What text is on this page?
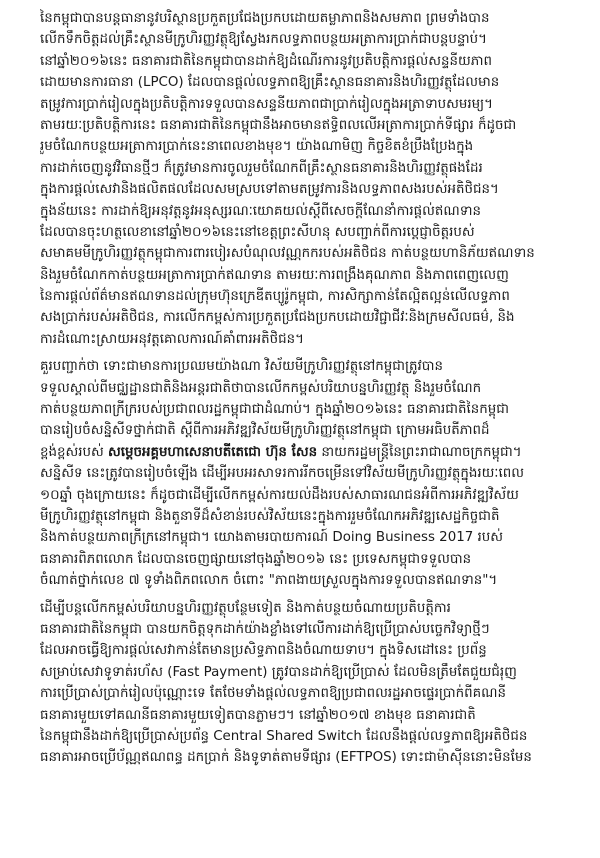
នៃកម្ពុជាបានបន្តធានានូវបរិស្ថានប្រកួតប្រជែងប្រកបដោយតម្លាភាពនិងសមភាព ព្រមទាំងបាន
លើកទឹកចិត្តដល់គ្រឹះស្ថានមីក្រូហិរញ្ញវត្ថុឱ្យស្វែងរកលទ្ធភាពបន្ថយអត្រាការប្រាក់ជាបន្តបន្ទាប់។
នៅឆ្នាំ២០១៦នេះ ធនាគារជាតិនៃកម្ពុជាបានដាក់ឱ្យដំណើរការនូវប្រតិបត្តិការផ្តល់សន្ទនីយភាព
ដោយមានការធានា (LPCO) ដែលបានផ្តល់លទ្ធភាពឱ្យគ្រឹះស្ថានធនាគារនិងហិរញ្ញវត្ថុដែលមាន
តម្រូវការប្រាក់រៀលក្នុងប្រតិបត្តិការទទួលបានសន្ទនីយភាពជាប្រាក់រៀលក្នុងអត្រាទាបសមរម្យ។
តាមរយៈប្រតិបត្តិការនេះ ធនាគារជាតិនៃកម្ពុជានឹងអាចមានឥទ្ធិពលលើអត្រាការប្រាក់ទីផ្សារ ក៏ដូចជា
រួមចំណែកបន្ថយអត្រាការប្រាក់នេះនាពេលខាងមុខ។ យ៉ាងណាមិញ កិច្ចខិតខំប្រឹងប្រែងក្នុង
ការដាក់ចេញនូវវិធានថ្មីៗ ក៏ត្រូវមានការចូលរួមចំណែកពីគ្រឹះស្ថានធនាគារនិងហិរញ្ញវត្ថុផងដែរ
ក្នុងការផ្តល់សេវានិងផលិតផលដែលសមស្របទៅតាមតម្រូវការនិងលទ្ធភាពសងរបស់អតិថិជន។
ក្នុងន័យនេះ ការដាក់ឱ្យអនុវត្តនូវអនុស្សរណៈយោគយល់ស្តីពីសេចក្តីណែនាំការផ្តល់ឥណទាន
ដែលបានចុះហត្ថលេខានៅឆ្នាំ២០១៦នេះនៅខេត្តព្រះសីហនុ សបញ្ជាក់ពីការប្តេជ្ញាចិត្តរបស់
សមាគមមីក្រូហិរញ្ញវត្ថុកម្ពុជាការពារបៀរសបំណុលវណ្ណកករបស់អតិថិជន កាត់បន្ថយហានិភ័យឥណទាន
និងរួមចំណែកកាត់បន្ថយអត្រាការប្រាក់ឥណទាន តាមរយៈការពង្រឹងគុណភាព និងភាពពេញលេញ
នៃការផ្តល់ព័ត៌មានឥណទានដល់ក្រុមហ៊ុនក្រេឌីតប្យូរ៉ូកម្ពុជា, ការសិក្សាកាន់តែល្អិតល្អន់លើលទ្ធភាព
សងប្រាក់របស់អតិថិជន, ការលើកកម្ពស់ការប្រកួតប្រជែងប្រកបដោយវិជ្ជាជីវៈនិងក្រមសីលធម៌, និង
ការដំណោះស្រាយអនុវត្តគោលការណ៍គាំពារអតិថិជន។
គួរបញ្ជាក់ថា ទោះជាមានការប្រឈមយ៉ាងណា វិស័យមីក្រូហិរញ្ញវត្ថុនៅកម្ពុជាត្រូវបាន
ទទួលស្គាល់ពីមជ្ឈដ្ឋានជាតិនិងអន្តរជាតិថាបានលើកកម្ពស់បរិយាបន្នហិរញ្ញវត្ថុ និងរួមចំណែក
កាត់បន្ថយភាពក្រីក្ររបស់ប្រជាពលរដ្ឋកម្ពុជាជាដំណាប់។ ក្នុងឆ្នាំ២០១៦នេះ ធនាគារជាតិនៃកម្ពុជា
បានរៀបចំសន្និសីទថ្នាក់ជាតិ ស្តីពីការអភិវឌ្ឍវិស័យមីក្រូហិរញ្ញវត្ថុនៅកម្ពុជា ក្រោមអធិបតីភាពដ៏
ខ្ពង់ខ្ពស់របស់ សម្តេចអគ្គមហាសេនាបតីតេជោ ហ៊ុន សែន នាយករដ្ឋមន្ត្រីនៃព្រះរាជាណាចក្រកម្ពុជា។
សន្និសីទ នេះត្រូវបានរៀបចំឡើង ដើម្បីអបអរសាទរការរីកចម្រើនទៅវិស័យមីក្រូហិរញ្ញវត្ថុក្នុងរយៈពេល
១០ឆ្នាំ ចុងក្រោយនេះ ក៏ដូចជាដើម្បីលើកកម្ពស់ការយល់ដឹងរបស់សាធារណជនអំពីការអភិវឌ្ឍវិស័យ
មីក្រូហិរញ្ញវត្ថុនៅកម្ពុជា និងតួនាទីដ៏សំខាន់របស់វិស័យនេះក្នុងការរួមចំណែកអភិវឌ្ឍសេដ្ឋកិច្ចជាតិ
និងកាត់បន្ថយភាពក្រីក្រនៅកម្ពុជា។ យោងតាមរបាយការណ៍ Doing Business 2017 របស់
ធនាគារពិភពលោក ដែលបានចេញផ្សាយនៅចុងឆ្នាំ២០១៦ នេះ ប្រទេសកម្ពុជាទទួលបាន
ចំណាត់ថ្នាក់លេខ ៧ ទូទាំងពិភពលោក ចំពោះ "ភាពងាយស្រួលក្នុងការទទួលបានឥណទាន"។
ដើម្បីបន្តលើកកម្ពស់បរិយាបន្នហិរញ្ញវត្ថុបន្ថែមទៀត និងកាត់បន្ថយចំណាយប្រតិបត្តិការ
ធនាគារជាតិនៃកម្ពុជា បានយកចិត្តទុកដាក់យ៉ាងខ្លាំងទៅលើការដាក់ឱ្យប្រើប្រាស់បច្ចេកវិទ្យាថ្មីៗ
ដែលអាចធ្វើឱ្យការផ្តល់សេវាកាន់តែមានប្រសិទ្ធភាពនិងចំណាយទាប។ ក្នុងទិសដៅនេះ ប្រព័ន្ធ
សម្រាប់សេវាទូទាត់រហ័ស (Fast Payment) ត្រូវបានដាក់ឱ្យប្រើប្រាស់ ដែលមិនត្រឹមតែជួយជំរុញ
ការប្រើប្រាស់ប្រាក់រៀលប៉ុណ្ណោះទេ តែថែមទាំងផ្តល់លទ្ធភាពឱ្យប្រជាពលរដ្ឋអាចផ្ទេរប្រាក់ពីគណនី
ធនាគារមួយទៅគណនីធនាគារមួយទៀតបានភ្លាមៗ។ នៅឆ្នាំ២០១៧ ខាងមុខ ធនាគារជាតិ
នៃកម្ពុជានឹងដាក់ឱ្យប្រើប្រាស់ប្រព័ន្ធ Central Shared Switch ដែលនឹងផ្តល់លទ្ធភាពឱ្យអតិថិជន
ធនាគារអាចប្រើប័ណ្ណឥណពន្ធ ដកប្រាក់ និងទូទាត់តាមទីផ្សារ (EFTPOS) ទោះជាម៉ាស៊ីននោះមិនមែន
